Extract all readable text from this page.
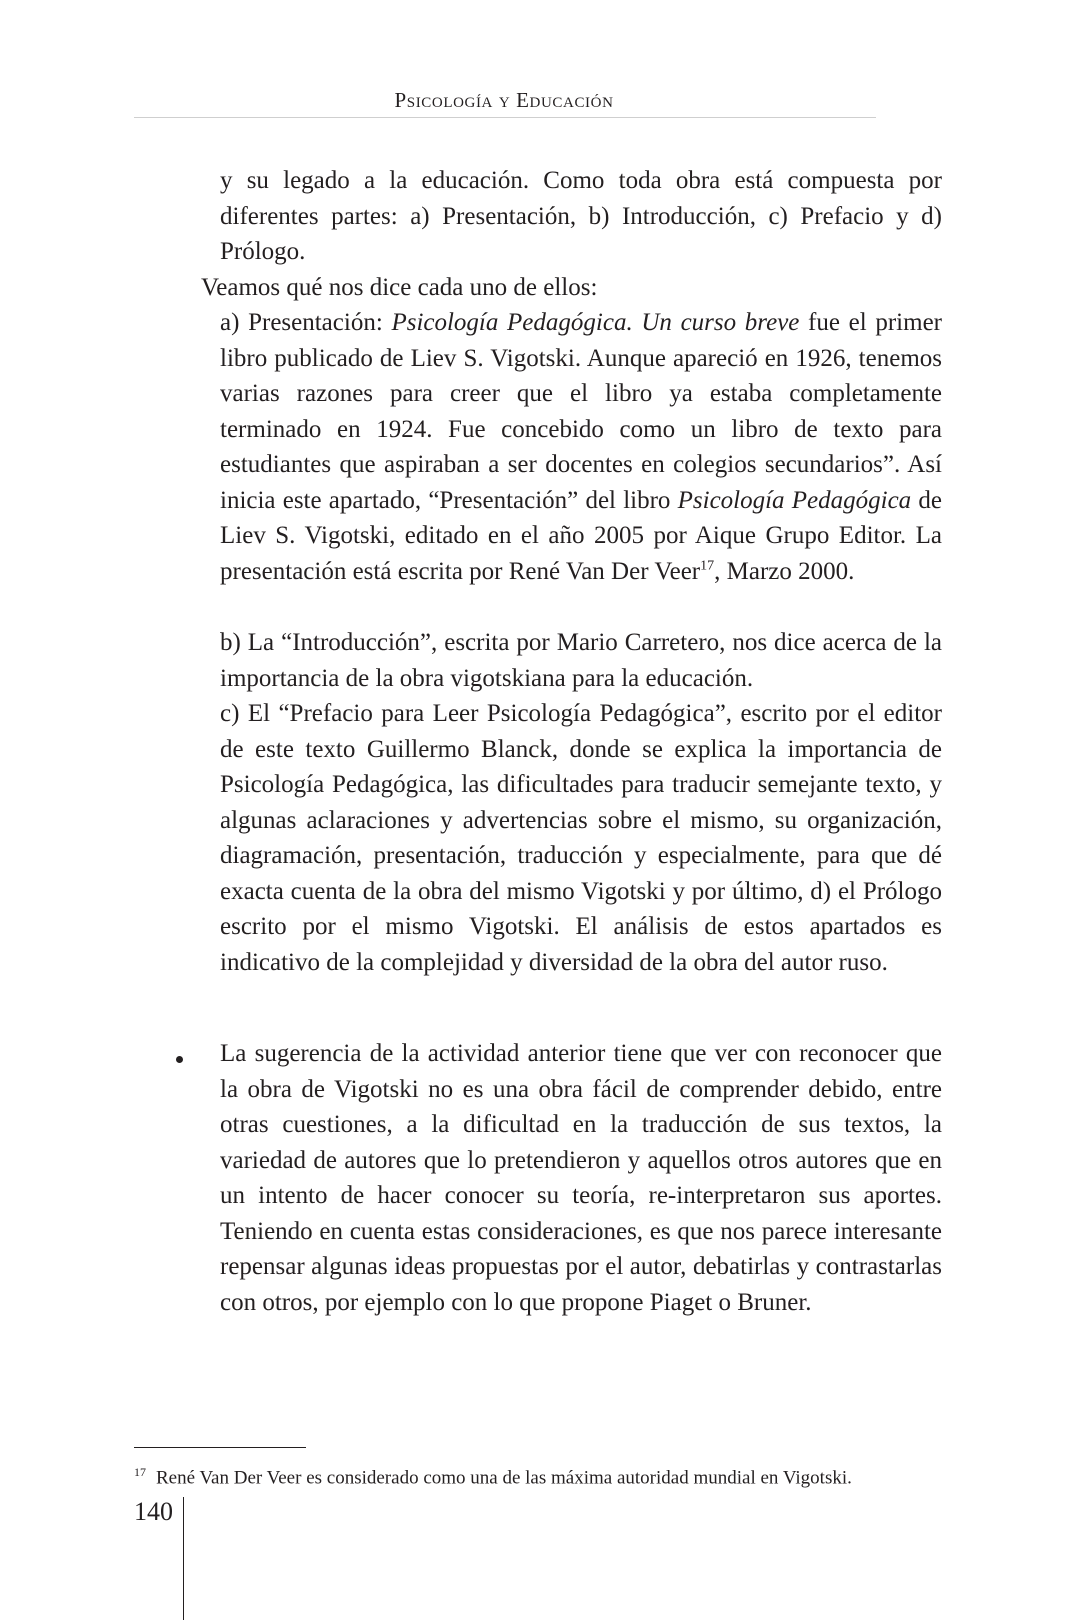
Psicología y Educación

y su legado a la educación. Como toda obra está compuesta por diferentes partes: a) Presentación, b) Introducción, c) Prefacio y d) Prólogo.

Veamos qué nos dice cada uno de ellos:

a) Presentación: Psicología Pedagógica. Un curso breve fue el primer libro publicado de Liev S. Vigotski. Aunque apareció en 1926, tenemos varias razones para creer que el libro ya estaba completamente terminado en 1924. Fue concebido como un libro de texto para estudiantes que aspiraban a ser docentes en colegios secundarios”. Así inicia este apartado, “Presentación” del libro Psicología Pedagógica de Liev S. Vigotski, editado en el año 2005 por Aique Grupo Editor. La presentación está escrita por René Van Der Veer$^{17}$, Marzo 2000.

b) La “Introducción”, escrita por Mario Carretero, nos dice acerca de la importancia de la obra vigotskiana para la educación.

c) El “Prefacio para Leer Psicología Pedagógica”, escrito por el editor de este texto Guillermo Blanck, donde se explica la importancia de Psicología Pedagógica, las dificultades para traducir semejante texto, y algunas aclaraciones y advertencias sobre el mismo, su organización, diagramación, presentación, traducción y especialmente, para que dé exacta cuenta de la obra del mismo Vigotski y por último, d) el Prólogo escrito por el mismo Vigotski. El análisis de estos apartados es indicativo de la complejidad y diversidad de la obra del autor ruso.

La sugerencia de la actividad anterior tiene que ver con reconocer que la obra de Vigotski no es una obra fácil de comprender debido, entre otras cuestiones, a la dificultad en la traducción de sus textos, la variedad de autores que lo pretendieron y aquellos otros autores que en un intento de hacer conocer su teoría, re-interpretaron sus aportes. Teniendo en cuenta estas consideraciones, es que nos parece interesante repensar algunas ideas propuestas por el autor, debatirlas y contrastarlas con otros, por ejemplo con lo que propone Piaget o Bruner.

$^{17}$ René Van Der Veer es considerado como una de las máxima autoridad mundial en Vigotski.
140
